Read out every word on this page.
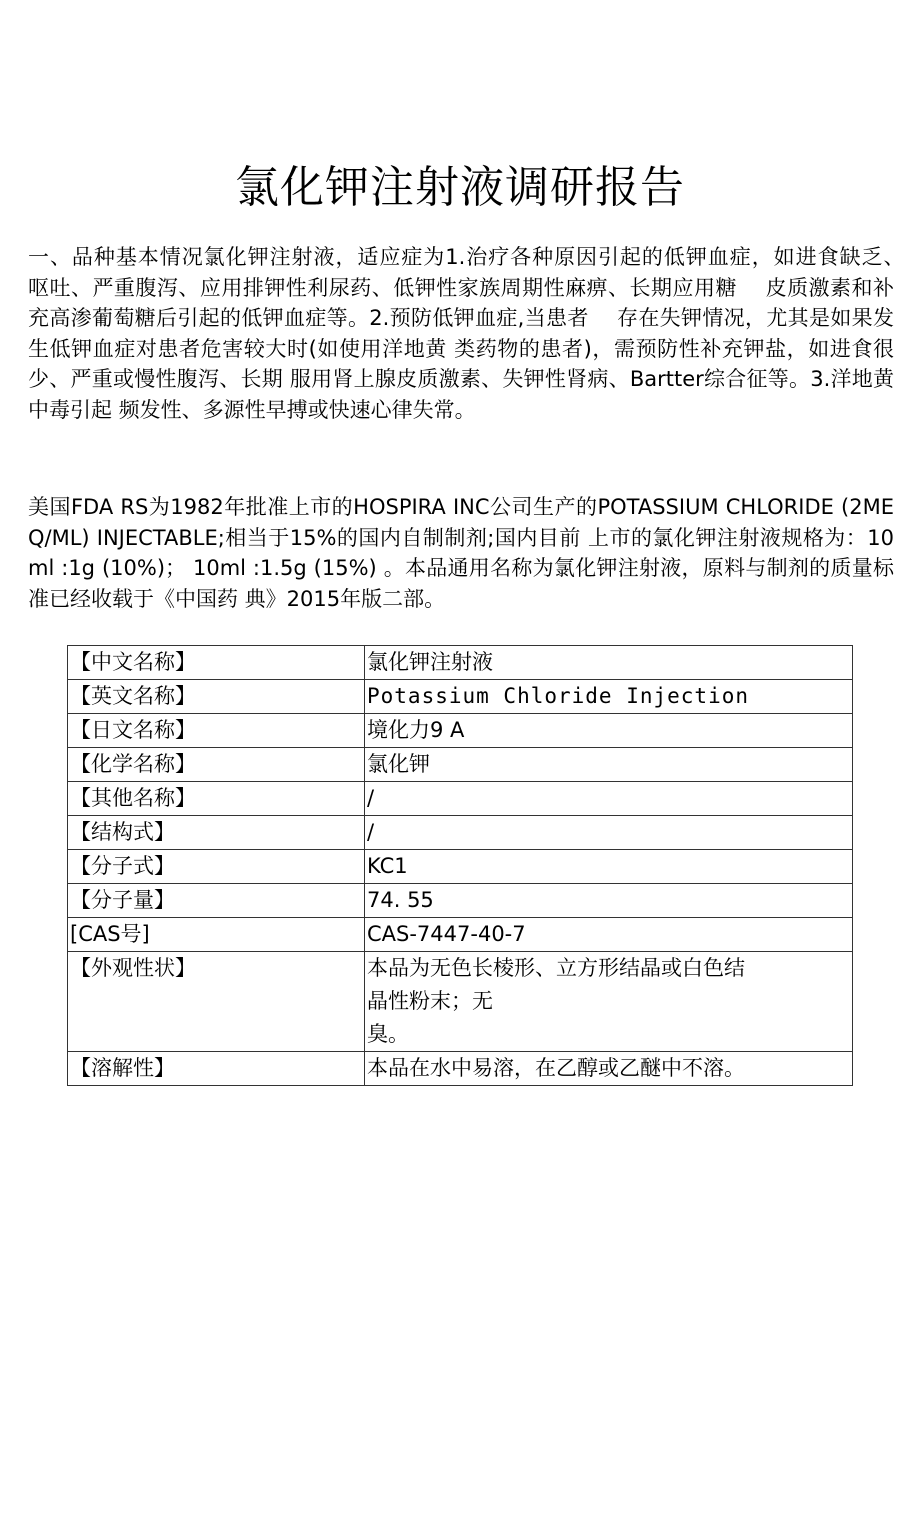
氯化钾注射液调研报告

一、品种基本情况氯化钾注射液，适应症为1.治疗各种原因引起的低钾血症，如进食缺乏、　呕吐、严重腹泻、应用排钾性利尿药、低钾性家族周期性麻痹、长期应用糖　 皮质激素和补充高渗葡萄糖后引起的低钾血症等。2.预防低钾血症,当患者　 存在失钾情况，尤其是如果发生低钾血症对患者危害较大时(如使用洋地黄 类药物的患者)，需预防性补充钾盐，如进食很少、严重或慢性腹泻、长期 服用肾上腺皮质激素、失钾性肾病、Bartter综合征等。3.洋地黄中毒引起 频发性、多源性早搏或快速心律失常。

美国FDA RS为1982年批准上市的HOSPIRA INC公司生产的POTASSIUM CHLORIDE (2MEQ/ML) INJECTABLE;相当于15%的国内自制制剂;国内目前 上市的氯化钾注射液规格为：10ml :1g (10%)； 10ml :1.5g (15%) 。本品通用名称为氯化钾注射液，原料与制剂的质量标准已经收载于《中国药 典》2015年版二部。

【中文名称】	氯化钾注射液
【英文名称】	Potassium Chloride Injection
【日文名称】	境化力9 A
【化学名称】	氯化钾
【其他名称】	/
【结构式】	/
【分子式】	KC1
【分子量】	74. 55
[CAS号]	CAS-7447-40-7
【外观性状】	本品为无色长棱形、立方形结晶或白色结
晶性粉末；无
臭。

【溶解性】	本品在水中易溶，在乙醇或乙醚中不溶。
